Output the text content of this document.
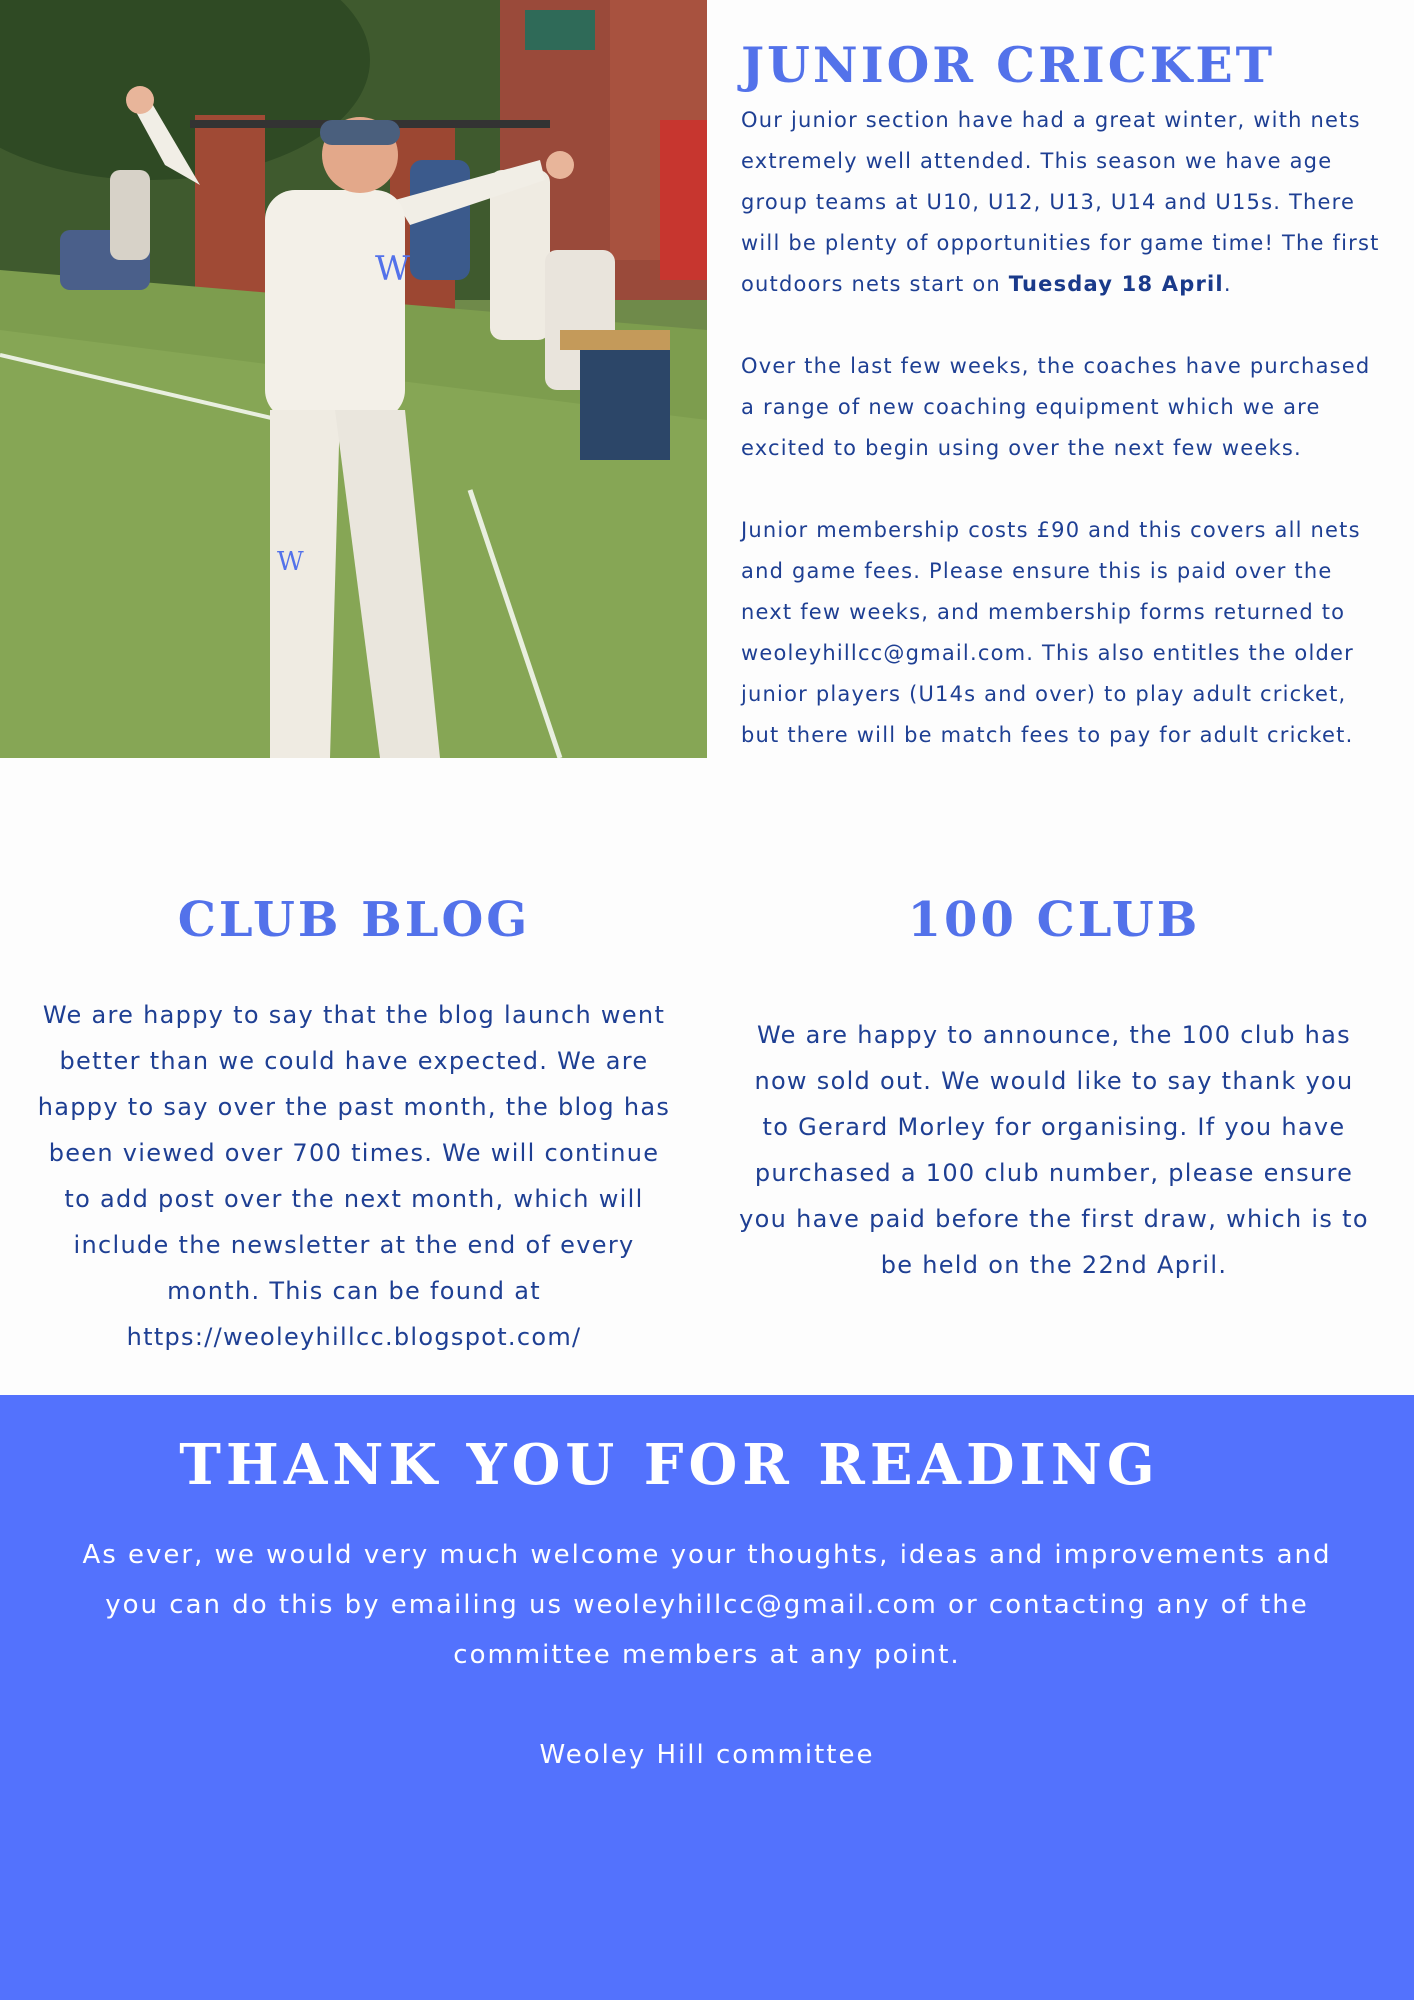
W
W
JUNIOR CRICKET

Our junior section have had a great winter, with nets extremely well attended. This season we have age group teams at U10, U12, U13, U14 and U15s. There will be plenty of opportunities for game time! The first outdoors nets start on Tuesday 18 April.

Over the last few weeks, the coaches have purchased a range of new coaching equipment which we are excited to begin using over the next few weeks.

Junior membership costs £90 and this covers all nets and game fees. Please ensure this is paid over the next few weeks, and membership forms returned to weoleyhillcc@gmail.com. This also entitles the older junior players (U14s and over) to play adult cricket, but there will be match fees to pay for adult cricket.

CLUB BLOG

We are happy to say that the blog launch went better than we could have expected. We are happy to say over the past month, the blog has been viewed over 700 times. We will continue to add post over the next month, which will include the newsletter at the end of every month. This can be found at https://weoleyhillcc.blogspot.com/

100 CLUB

We are happy to announce, the 100 club has now sold out. We would like to say thank you to Gerard Morley for organising. If you have purchased a 100 club number, please ensure you have paid before the first draw, which is to be held on the 22nd April.

THANK YOU FOR READING

As ever, we would very much welcome your thoughts, ideas and improvements and you can do this by emailing us weoleyhillcc@gmail.com or contacting any of the committee members at any point.

Weoley Hill committee
